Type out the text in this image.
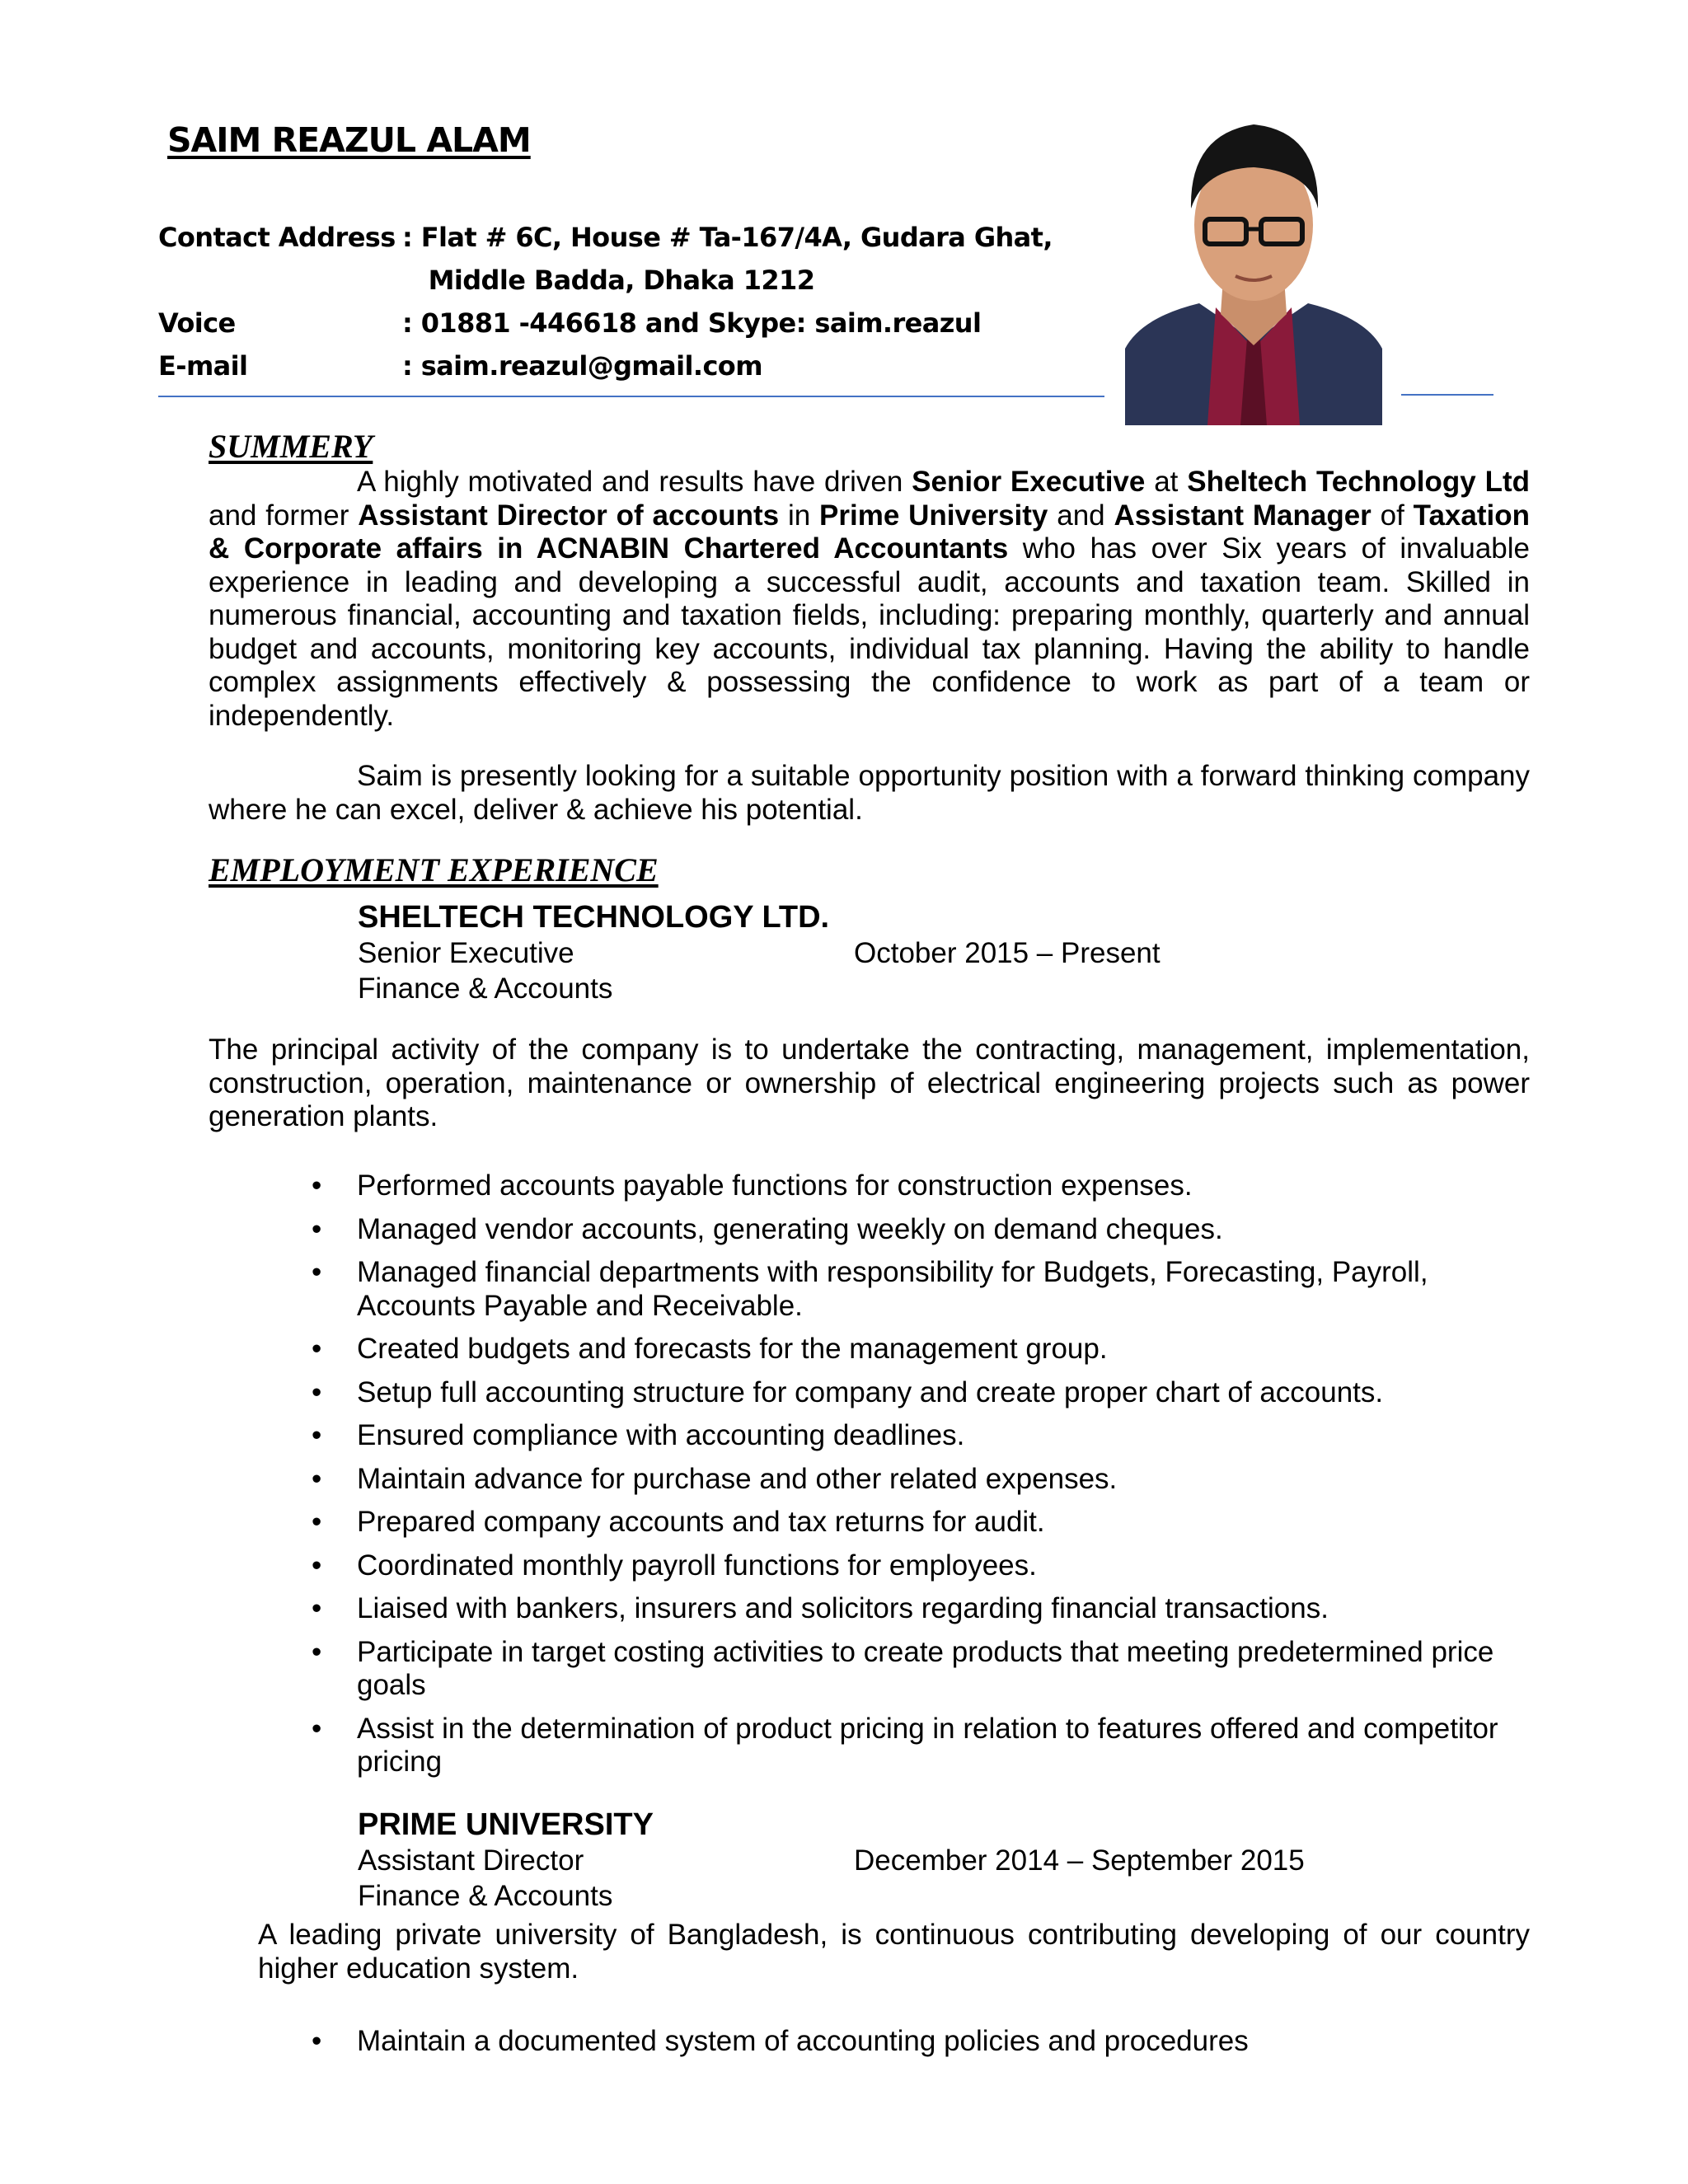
SAIM REAZUL ALAM
Contact Address : Flat # 6C, House # Ta-167/4A, Gudara Ghat,
Middle Badda, Dhaka 1212
Voice	: 01881 -446618 and Skype: saim.reazul
E-mail	: saim.reazul@gmail.com
SUMMERY
A highly motivated and results have driven Senior Executive at Sheltech Technology Ltd and former Assistant Director of accounts in Prime University and Assistant Manager of Taxation & Corporate affairs in ACNABIN Chartered Accountants who has over Six years of invaluable experience in leading and developing a successful audit, accounts and taxation team. Skilled in numerous financial, accounting and taxation fields, including: preparing monthly, quarterly and annual budget and accounts, monitoring key accounts, individual tax planning. Having the ability to handle complex assignments effectively & possessing the confidence to work as part of a team or independently.
Saim is presently looking for a suitable opportunity position with a forward thinking company where he can excel, deliver & achieve his potential.
EMPLOYMENT EXPERIENCE
SHELTECH TECHNOLOGY LTD.
Senior Executive	October 2015 – Present
Finance & Accounts
The principal activity of the company is to undertake the contracting, management, implementation, construction, operation, maintenance or ownership of electrical engineering projects such as power generation plants.
• Performed accounts payable functions for construction expenses.
• Managed vendor accounts, generating weekly on demand cheques.
• Managed financial departments with responsibility for Budgets, Forecasting, Payroll, Accounts Payable and Receivable.
• Created budgets and forecasts for the management group.
• Setup full accounting structure for company and create proper chart of accounts.
• Ensured compliance with accounting deadlines.
• Maintain advance for purchase and other related expenses.
• Prepared company accounts and tax returns for audit.
• Coordinated monthly payroll functions for employees.
• Liaised with bankers, insurers and solicitors regarding financial transactions.
• Participate in target costing activities to create products that meeting predetermined price goals
• Assist in the determination of product pricing in relation to features offered and competitor pricing
PRIME UNIVERSITY
Assistant Director	December 2014 – September 2015
Finance & Accounts
A leading private university of Bangladesh, is continuous contributing developing of our country higher education system.
• Maintain a documented system of accounting policies and procedures
